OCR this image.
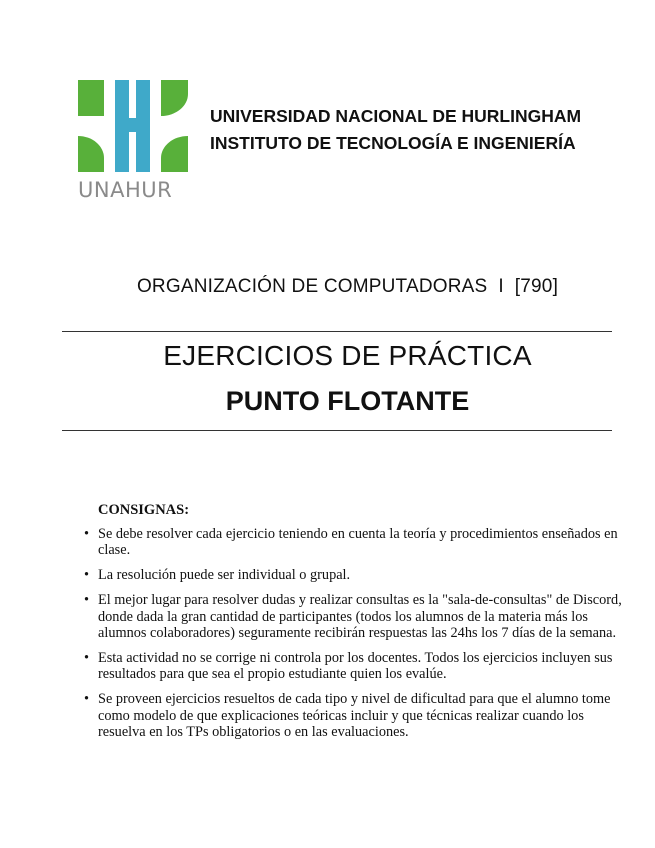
UNAHUR
UNIVERSIDAD NACIONAL DE HURLINGHAM
INSTITUTO DE TECNOLOGÍA E INGENIERÍA
ORGANIZACIÓN DE COMPUTADORAS  I  [790]
EJERCICIOS DE PRÁCTICA
PUNTO FLOTANTE
CONSIGNAS:
• Se debe resolver cada ejercicio teniendo en cuenta la teoría y procedimientos enseñados en clase.
• La resolución puede ser individual o grupal.
• El mejor lugar para resolver dudas y realizar consultas es la "sala-de-consultas" de Discord, donde dada la gran cantidad de participantes (todos los alumnos de la materia más los alumnos colaboradores) seguramente recibirán respuestas las 24hs los 7 días de la semana.
• Esta actividad no se corrige ni controla por los docentes. Todos los ejercicios incluyen sus resultados para que sea el propio estudiante quien los evalúe.
• Se proveen ejercicios resueltos de cada tipo y nivel de dificultad para que el alumno tome como modelo de que explicaciones teóricas incluir y que técnicas realizar cuando los resuelva en los TPs obligatorios o en las evaluaciones.
